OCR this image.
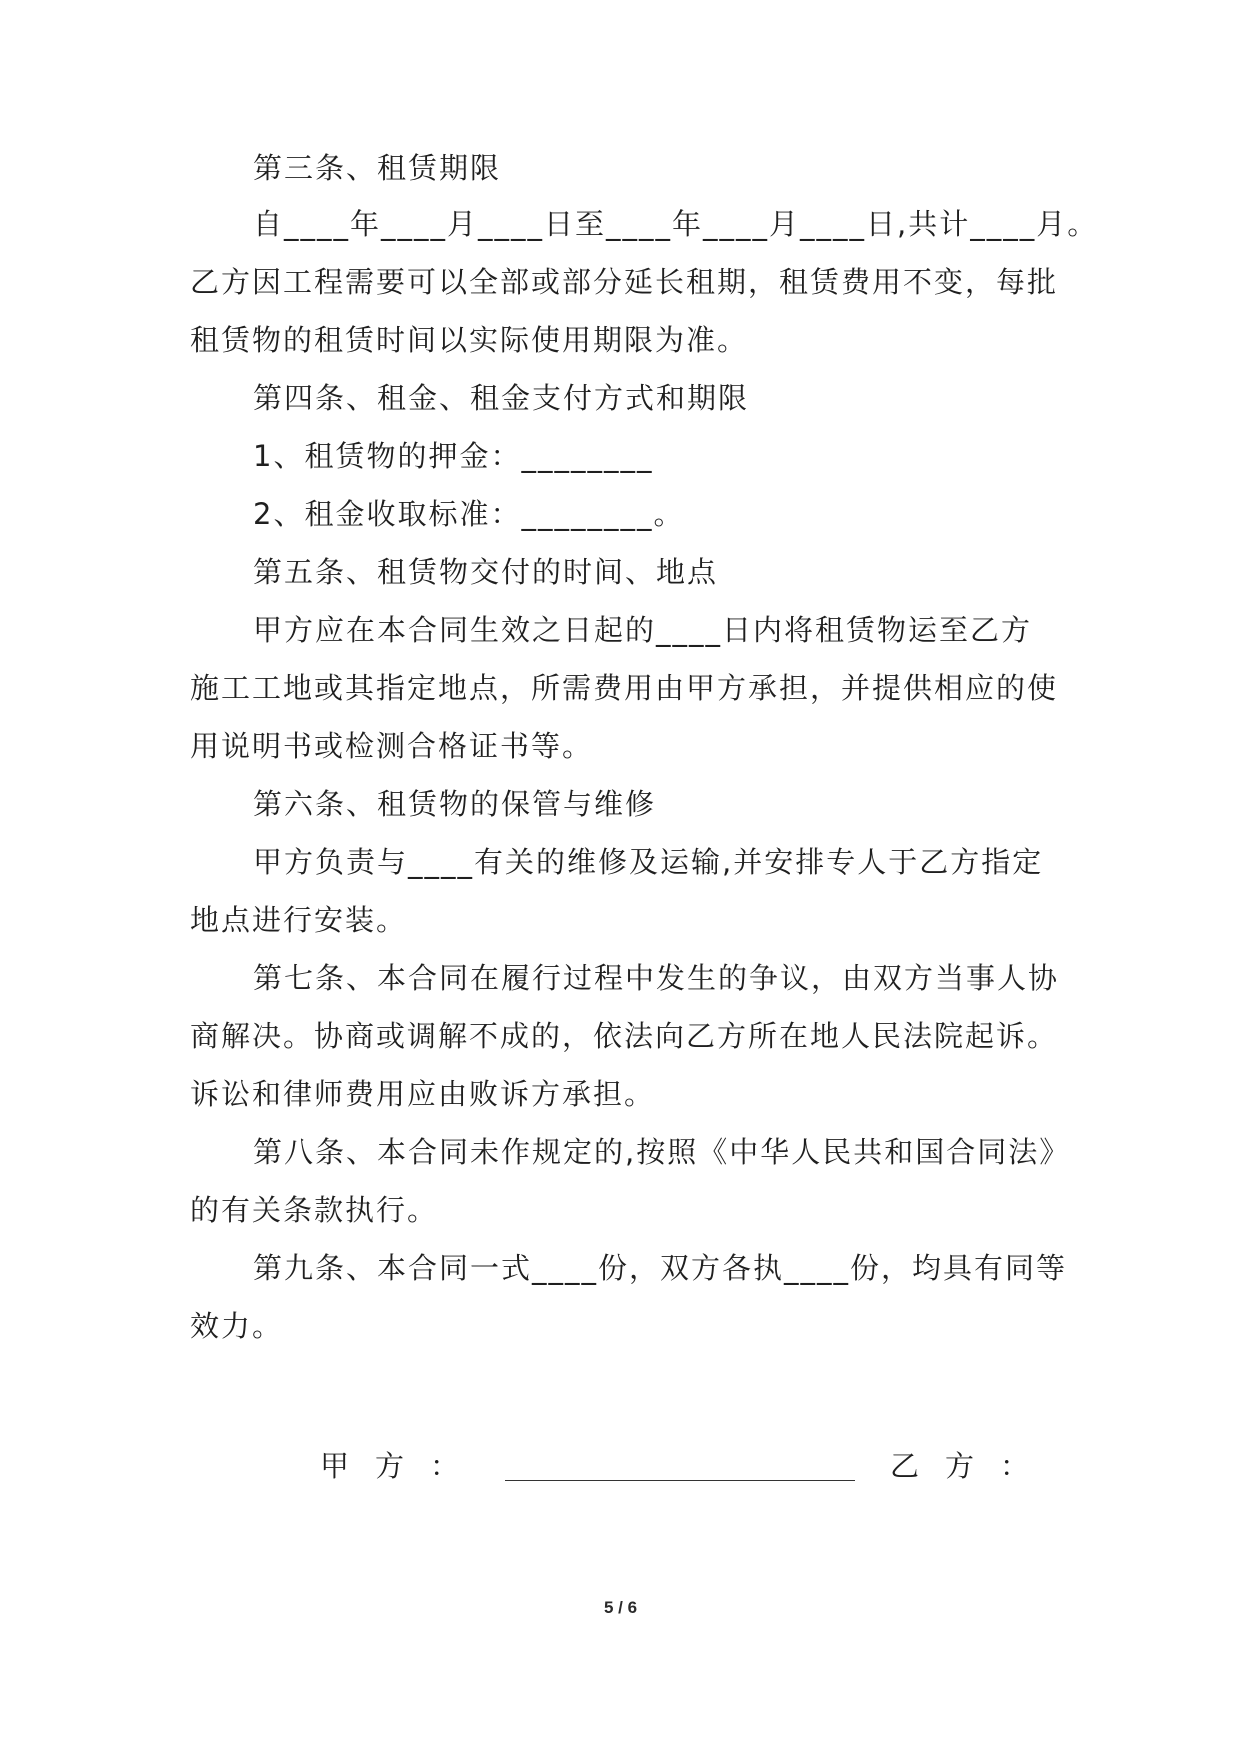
第三条、租赁期限
自____年____月____日至____年____月____日,共计____月。
乙方因工程需要可以全部或部分延长租期，租赁费用不变，每批
租赁物的租赁时间以实际使用期限为准。
第四条、租金、租金支付方式和期限
1、租赁物的押金：________
2、租金收取标准：________。
第五条、租赁物交付的时间、地点
甲方应在本合同生效之日起的____日内将租赁物运至乙方
施工工地或其指定地点，所需费用由甲方承担，并提供相应的使
用说明书或检测合格证书等。
第六条、租赁物的保管与维修
甲方负责与____有关的维修及运输,并安排专人于乙方指定
地点进行安装。
第七条、本合同在履行过程中发生的争议，由双方当事人协
商解决。协商或调解不成的，依法向乙方所在地人民法院起诉。
诉讼和律师费用应由败诉方承担。
第八条、本合同未作规定的,按照《中华人民共和国合同法》
的有关条款执行。
第九条、本合同一式____份，双方各执____份，均具有同等
效力。
甲方：	乙方：
5 / 6
